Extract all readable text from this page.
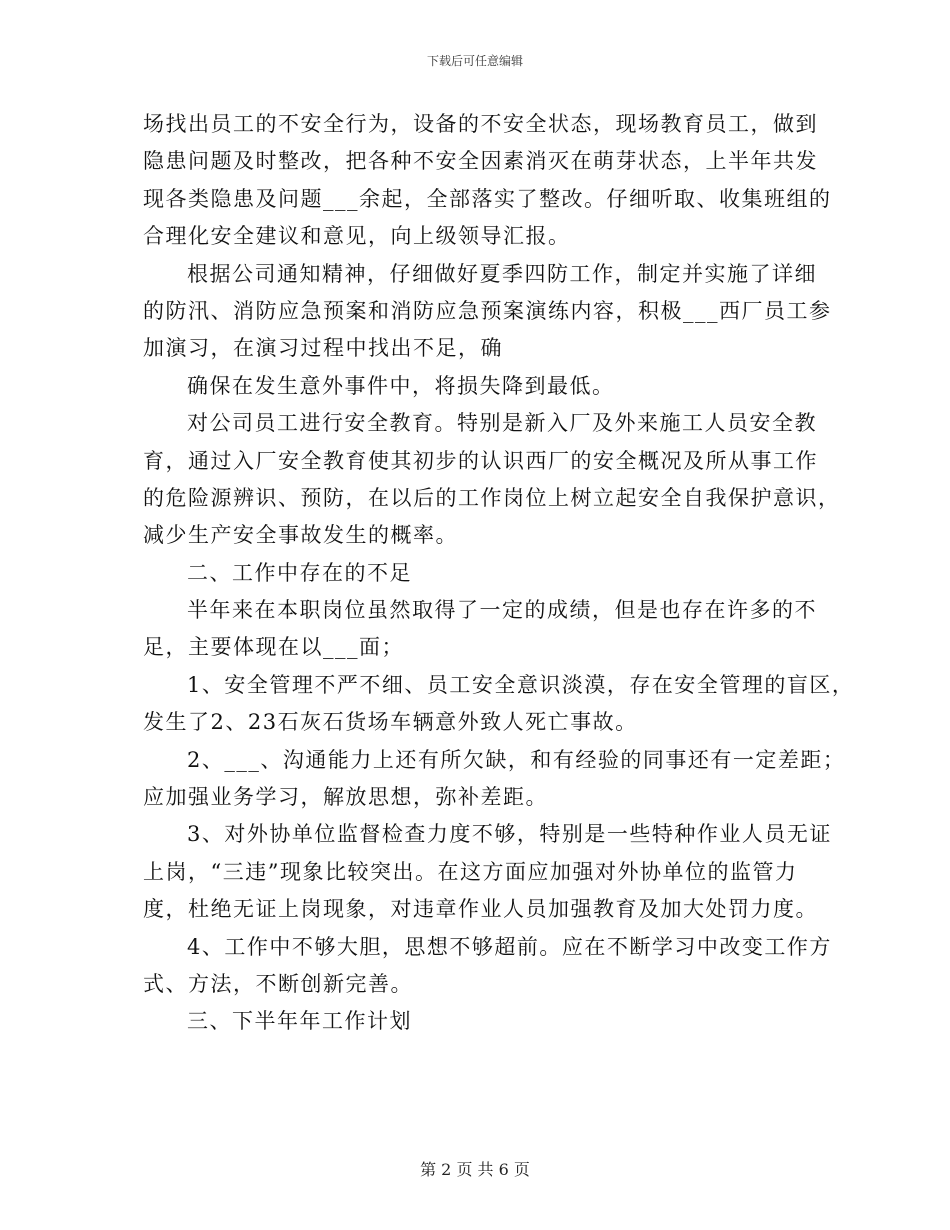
下载后可任意编辑
场找出员工的不安全行为，设备的不安全状态，现场教育员工，做到
隐患问题及时整改，把各种不安全因素消灭在萌芽状态，上半年共发
现各类隐患及问题___余起，全部落实了整改。仔细听取、收集班组的
合理化安全建议和意见，向上级领导汇报。
根据公司通知精神，仔细做好夏季四防工作，制定并实施了详细
的防汛、消防应急预案和消防应急预案演练内容，积极___西厂员工参
加演习，在演习过程中找出不足，确
确保在发生意外事件中，将损失降到最低。
对公司员工进行安全教育。特别是新入厂及外来施工人员安全教
育，通过入厂安全教育使其初步的认识西厂的安全概况及所从事工作
的危险源辨识、预防，在以后的工作岗位上树立起安全自我保护意识，
减少生产安全事故发生的概率。
二、工作中存在的不足
半年来在本职岗位虽然取得了一定的成绩，但是也存在许多的不
足，主要体现在以___面；
1、安全管理不严不细、员工安全意识淡漠，存在安全管理的盲区，
发生了2、23石灰石货场车辆意外致人死亡事故。
2、___、沟通能力上还有所欠缺，和有经验的同事还有一定差距；
应加强业务学习，解放思想，弥补差距。
3、对外协单位监督检查力度不够，特别是一些特种作业人员无证
上岗，“三违”现象比较突出。在这方面应加强对外协单位的监管力
度，杜绝无证上岗现象，对违章作业人员加强教育及加大处罚力度。
4、工作中不够大胆，思想不够超前。应在不断学习中改变工作方
式、方法，不断创新完善。
三、下半年年工作计划
第 2 页 共 6 页
